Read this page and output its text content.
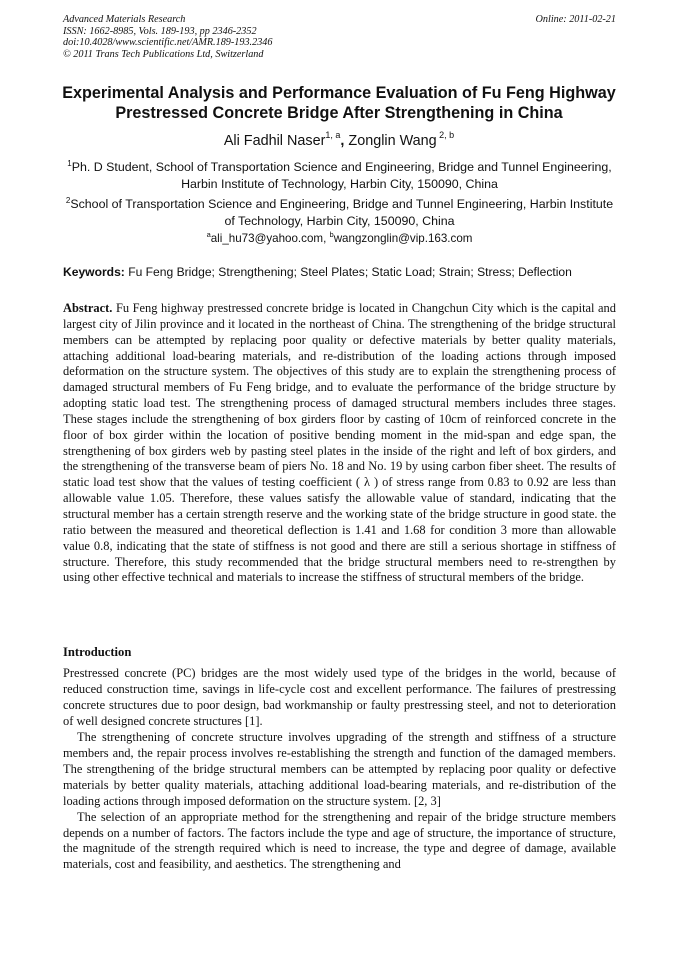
Advanced Materials Research
ISSN: 1662-8985, Vols. 189-193, pp 2346-2352
doi:10.4028/www.scientific.net/AMR.189-193.2346
© 2011 Trans Tech Publications Ltd, Switzerland
Online: 2011-02-21
Experimental Analysis and Performance Evaluation of Fu Feng Highway
Prestressed Concrete Bridge After Strengthening in China
Ali Fadhil Naser$^{1, a}$, Zonglin Wang $^{2, b}$
$^1$Ph. D Student, School of Transportation Science and Engineering, Bridge and Tunnel Engineering,
Harbin Institute of Technology, Harbin City, 150090, China
$^2$School of Transportation Science and Engineering, Bridge and Tunnel Engineering, Harbin Institute
of Technology, Harbin City, 150090, China
$^a$ali_hu73@yahoo.com, $^b$wangzonglin@vip.163.com
Keywords: Fu Feng Bridge; Strengthening; Steel Plates; Static Load; Strain; Stress; Deflection

Abstract. Fu Feng highway prestressed concrete bridge is located in Changchun City which is the capital and largest city of Jilin province and it located in the northeast of China. The strengthening of the bridge structural members can be attempted by replacing poor quality or defective materials by better quality materials, attaching additional load-bearing materials, and re-distribution of the loading actions through imposed deformation on the structure system. The objectives of this study are to explain the strengthening process of damaged structural members of Fu Feng bridge, and to evaluate the performance of the bridge structure by adopting static load test. The strengthening process of damaged structural members includes three stages. These stages include the strengthening of box girders floor by casting of 10cm of reinforced concrete in the floor of box girder within the location of positive bending moment in the mid-span and edge span, the strengthening of box girders web by pasting steel plates in the inside of the right and left of box girders, and the strengthening of the transverse beam of piers No. 18 and No. 19 by using carbon fiber sheet. The results of static load test show that the values of testing coefficient ( λ ) of stress range from 0.83 to 0.92 are less than allowable value 1.05. Therefore, these values satisfy the allowable value of standard, indicating that the structural member has a certain strength reserve and the working state of the bridge structure in good state. the ratio between the measured and theoretical deflection is 1.41 and 1.68 for condition 3 more than allowable value 0.8, indicating that the state of stiffness is not good and there are still a serious shortage in stiffness of structure. Therefore, this study recommended that the bridge structural members need to re-strengthen by using other effective technical and materials to increase the stiffness of structural members of the bridge.

Introduction

Prestressed concrete (PC) bridges are the most widely used type of the bridges in the world, because of reduced construction time, savings in life-cycle cost and excellent performance. The failures of prestressing concrete structures due to poor design, bad workmanship or faulty prestressing steel, and not to deterioration of well designed concrete structures [1].

The strengthening of concrete structure involves upgrading of the strength and stiffness of a structure members and, the repair process involves re-establishing the strength and function of the damaged members. The strengthening of the bridge structural members can be attempted by replacing poor quality or defective materials by better quality materials, attaching additional load-bearing materials, and re-distribution of the loading actions through imposed deformation on the structure system. [2, 3]

The selection of an appropriate method for the strengthening and repair of the bridge structure members depends on a number of factors. The factors include the type and age of structure, the importance of structure, the magnitude of the strength required which is need to increase, the type and degree of damage, available materials, cost and feasibility, and aesthetics. The strengthening and
